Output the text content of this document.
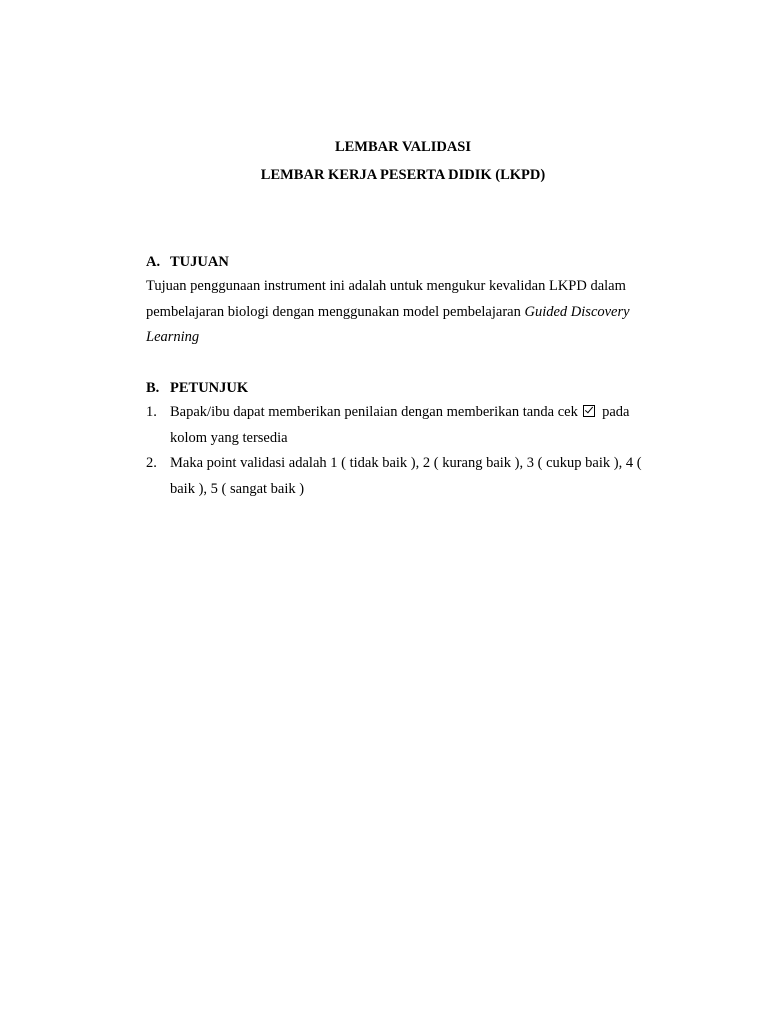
LEMBAR VALIDASI

LEMBAR KERJA PESERTA DIDIK (LKPD)

A. TUJUAN

Tujuan penggunaan instrument ini adalah untuk mengukur kevalidan LKPD dalam pembelajaran biologi dengan menggunakan model pembelajaran Guided Discovery Learning

B. PETUNJUK

1. Bapak/ibu dapat memberikan penilaian dengan memberikan tanda cek pada kolom yang tersedia
2. Maka point validasi adalah 1 ( tidak baik ), 2 ( kurang baik ), 3 ( cukup baik ), 4 ( baik ), 5 ( sangat baik )
